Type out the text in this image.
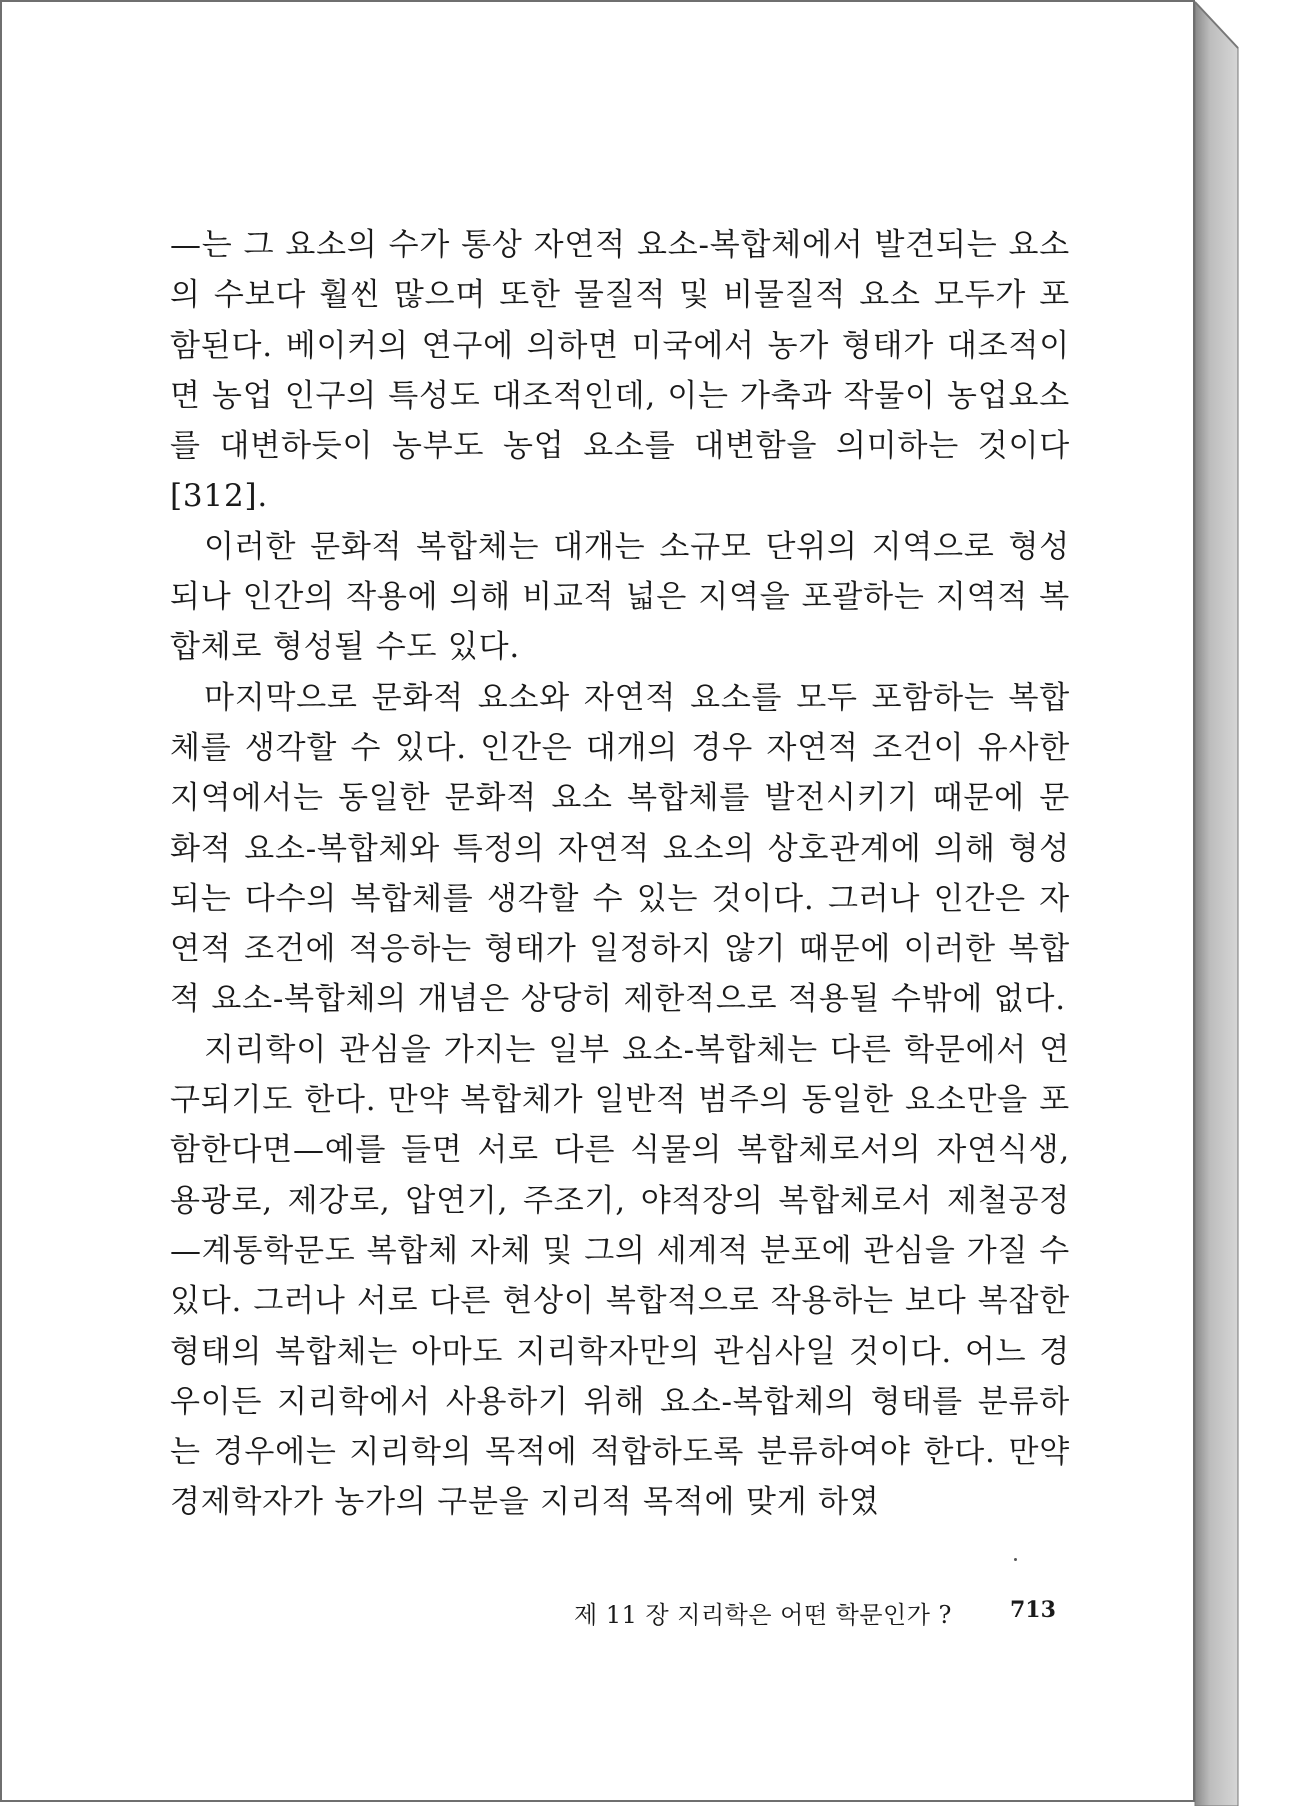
—는 그 요소의 수가 통상 자연적 요소-복합체에서 발견되는 요소의 수보다 훨씬 많으며 또한 물질적 및 비물질적 요소 모두가 포함된다. 베이커의 연구에 의하면 미국에서 농가 형태가 대조적이면 농업 인구의 특성도 대조적인데, 이는 가축과 작물이 농업요소를 대변하듯이 농부도 농업 요소를 대변함을 의미하는 것이다[312].

이러한 문화적 복합체는 대개는 소규모 단위의 지역으로 형성되나 인간의 작용에 의해 비교적 넓은 지역을 포괄하는 지역적 복합체로 형성될 수도 있다.

마지막으로 문화적 요소와 자연적 요소를 모두 포함하는 복합체를 생각할 수 있다. 인간은 대개의 경우 자연적 조건이 유사한 지역에서는 동일한 문화적 요소 복합체를 발전시키기 때문에 문화적 요소-복합체와 특정의 자연적 요소의 상호관계에 의해 형성되는 다수의 복합체를 생각할 수 있는 것이다. 그러나 인간은 자연적 조건에 적응하는 형태가 일정하지 않기 때문에 이러한 복합적 요소-복합체의 개념은 상당히 제한적으로 적용될 수밖에 없다.

지리학이 관심을 가지는 일부 요소-복합체는 다른 학문에서 연구되기도 한다. 만약 복합체가 일반적 범주의 동일한 요소만을 포함한다면—예를 들면 서로 다른 식물의 복합체로서의 자연식생, 용광로, 제강로, 압연기, 주조기, 야적장의 복합체로서 제철공정—계통학문도 복합체 자체 및 그의 세계적 분포에 관심을 가질 수 있다. 그러나 서로 다른 현상이 복합적으로 작용하는 보다 복잡한 형태의 복합체는 아마도 지리학자만의 관심사일 것이다. 어느 경우이든 지리학에서 사용하기 위해 요소-복합체의 형태를 분류하는 경우에는 지리학의 목적에 적합하도록 분류하여야 한다. 만약 경제학자가 농가의 구분을 지리적 목적에 맞게 하였

제 11 장 지리학은 어떤 학문인가 ?	713
